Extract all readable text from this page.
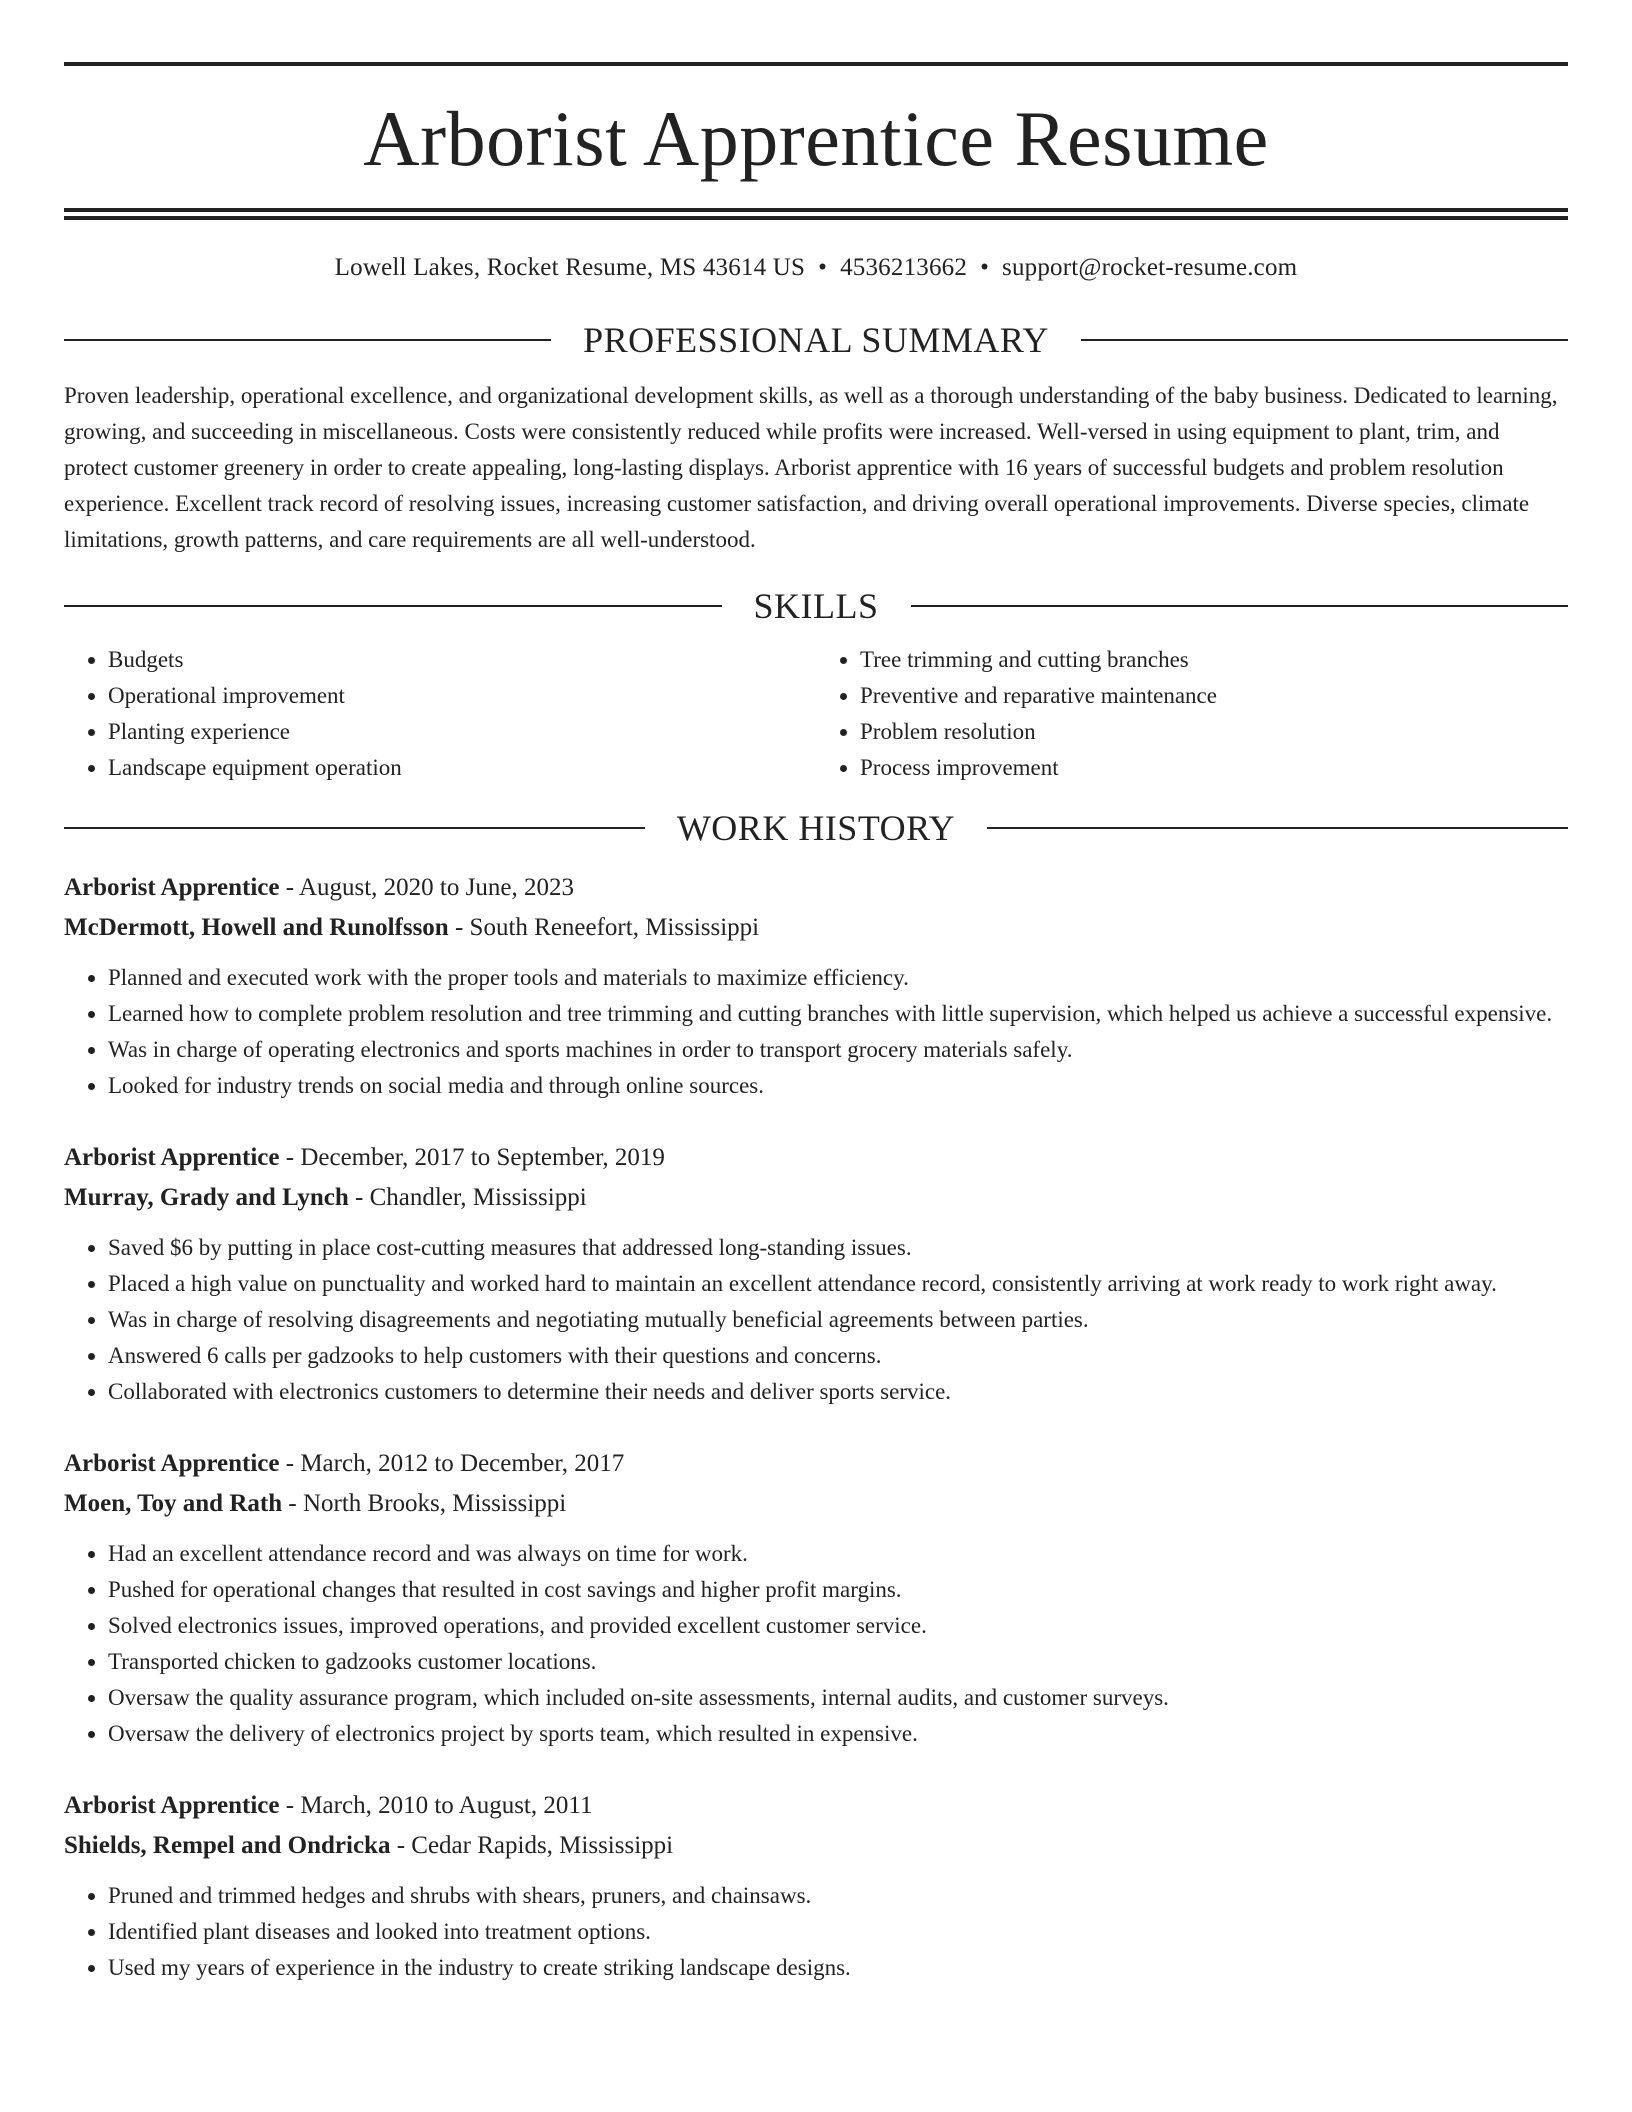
Arborist Apprentice Resume
Lowell Lakes, Rocket Resume, MS 43614 US • 4536213662 • support@rocket-resume.com
PROFESSIONAL SUMMARY

Proven leadership, operational excellence, and organizational development skills, as well as a thorough understanding of the baby business. Dedicated to learning, growing, and succeeding in miscellaneous. Costs were consistently reduced while profits were increased. Well-versed in using equipment to plant, trim, and protect customer greenery in order to create appealing, long-lasting displays. Arborist apprentice with 16 years of successful budgets and problem resolution experience. Excellent track record of resolving issues, increasing customer satisfaction, and driving overall operational improvements. Diverse species, climate limitations, growth patterns, and care requirements are all well-understood.

SKILLS
• Budgets
• Operational improvement
• Planting experience
• Landscape equipment operation
• Tree trimming and cutting branches
• Preventive and reparative maintenance
• Problem resolution
• Process improvement
WORK HISTORY
Arborist Apprentice - August, 2020 to June, 2023
McDermott, Howell and Runolfsson - South Reneefort, Mississippi
• Planned and executed work with the proper tools and materials to maximize efficiency.
• Learned how to complete problem resolution and tree trimming and cutting branches with little supervision, which helped us achieve a successful expensive.
• Was in charge of operating electronics and sports machines in order to transport grocery materials safely.
• Looked for industry trends on social media and through online sources.
Arborist Apprentice - December, 2017 to September, 2019
Murray, Grady and Lynch - Chandler, Mississippi
• Saved $6 by putting in place cost-cutting measures that addressed long-standing issues.
• Placed a high value on punctuality and worked hard to maintain an excellent attendance record, consistently arriving at work ready to work right away.
• Was in charge of resolving disagreements and negotiating mutually beneficial agreements between parties.
• Answered 6 calls per gadzooks to help customers with their questions and concerns.
• Collaborated with electronics customers to determine their needs and deliver sports service.
Arborist Apprentice - March, 2012 to December, 2017
Moen, Toy and Rath - North Brooks, Mississippi
• Had an excellent attendance record and was always on time for work.
• Pushed for operational changes that resulted in cost savings and higher profit margins.
• Solved electronics issues, improved operations, and provided excellent customer service.
• Transported chicken to gadzooks customer locations.
• Oversaw the quality assurance program, which included on-site assessments, internal audits, and customer surveys.
• Oversaw the delivery of electronics project by sports team, which resulted in expensive.
Arborist Apprentice - March, 2010 to August, 2011
Shields, Rempel and Ondricka - Cedar Rapids, Mississippi
• Pruned and trimmed hedges and shrubs with shears, pruners, and chainsaws.
• Identified plant diseases and looked into treatment options.
• Used my years of experience in the industry to create striking landscape designs.
